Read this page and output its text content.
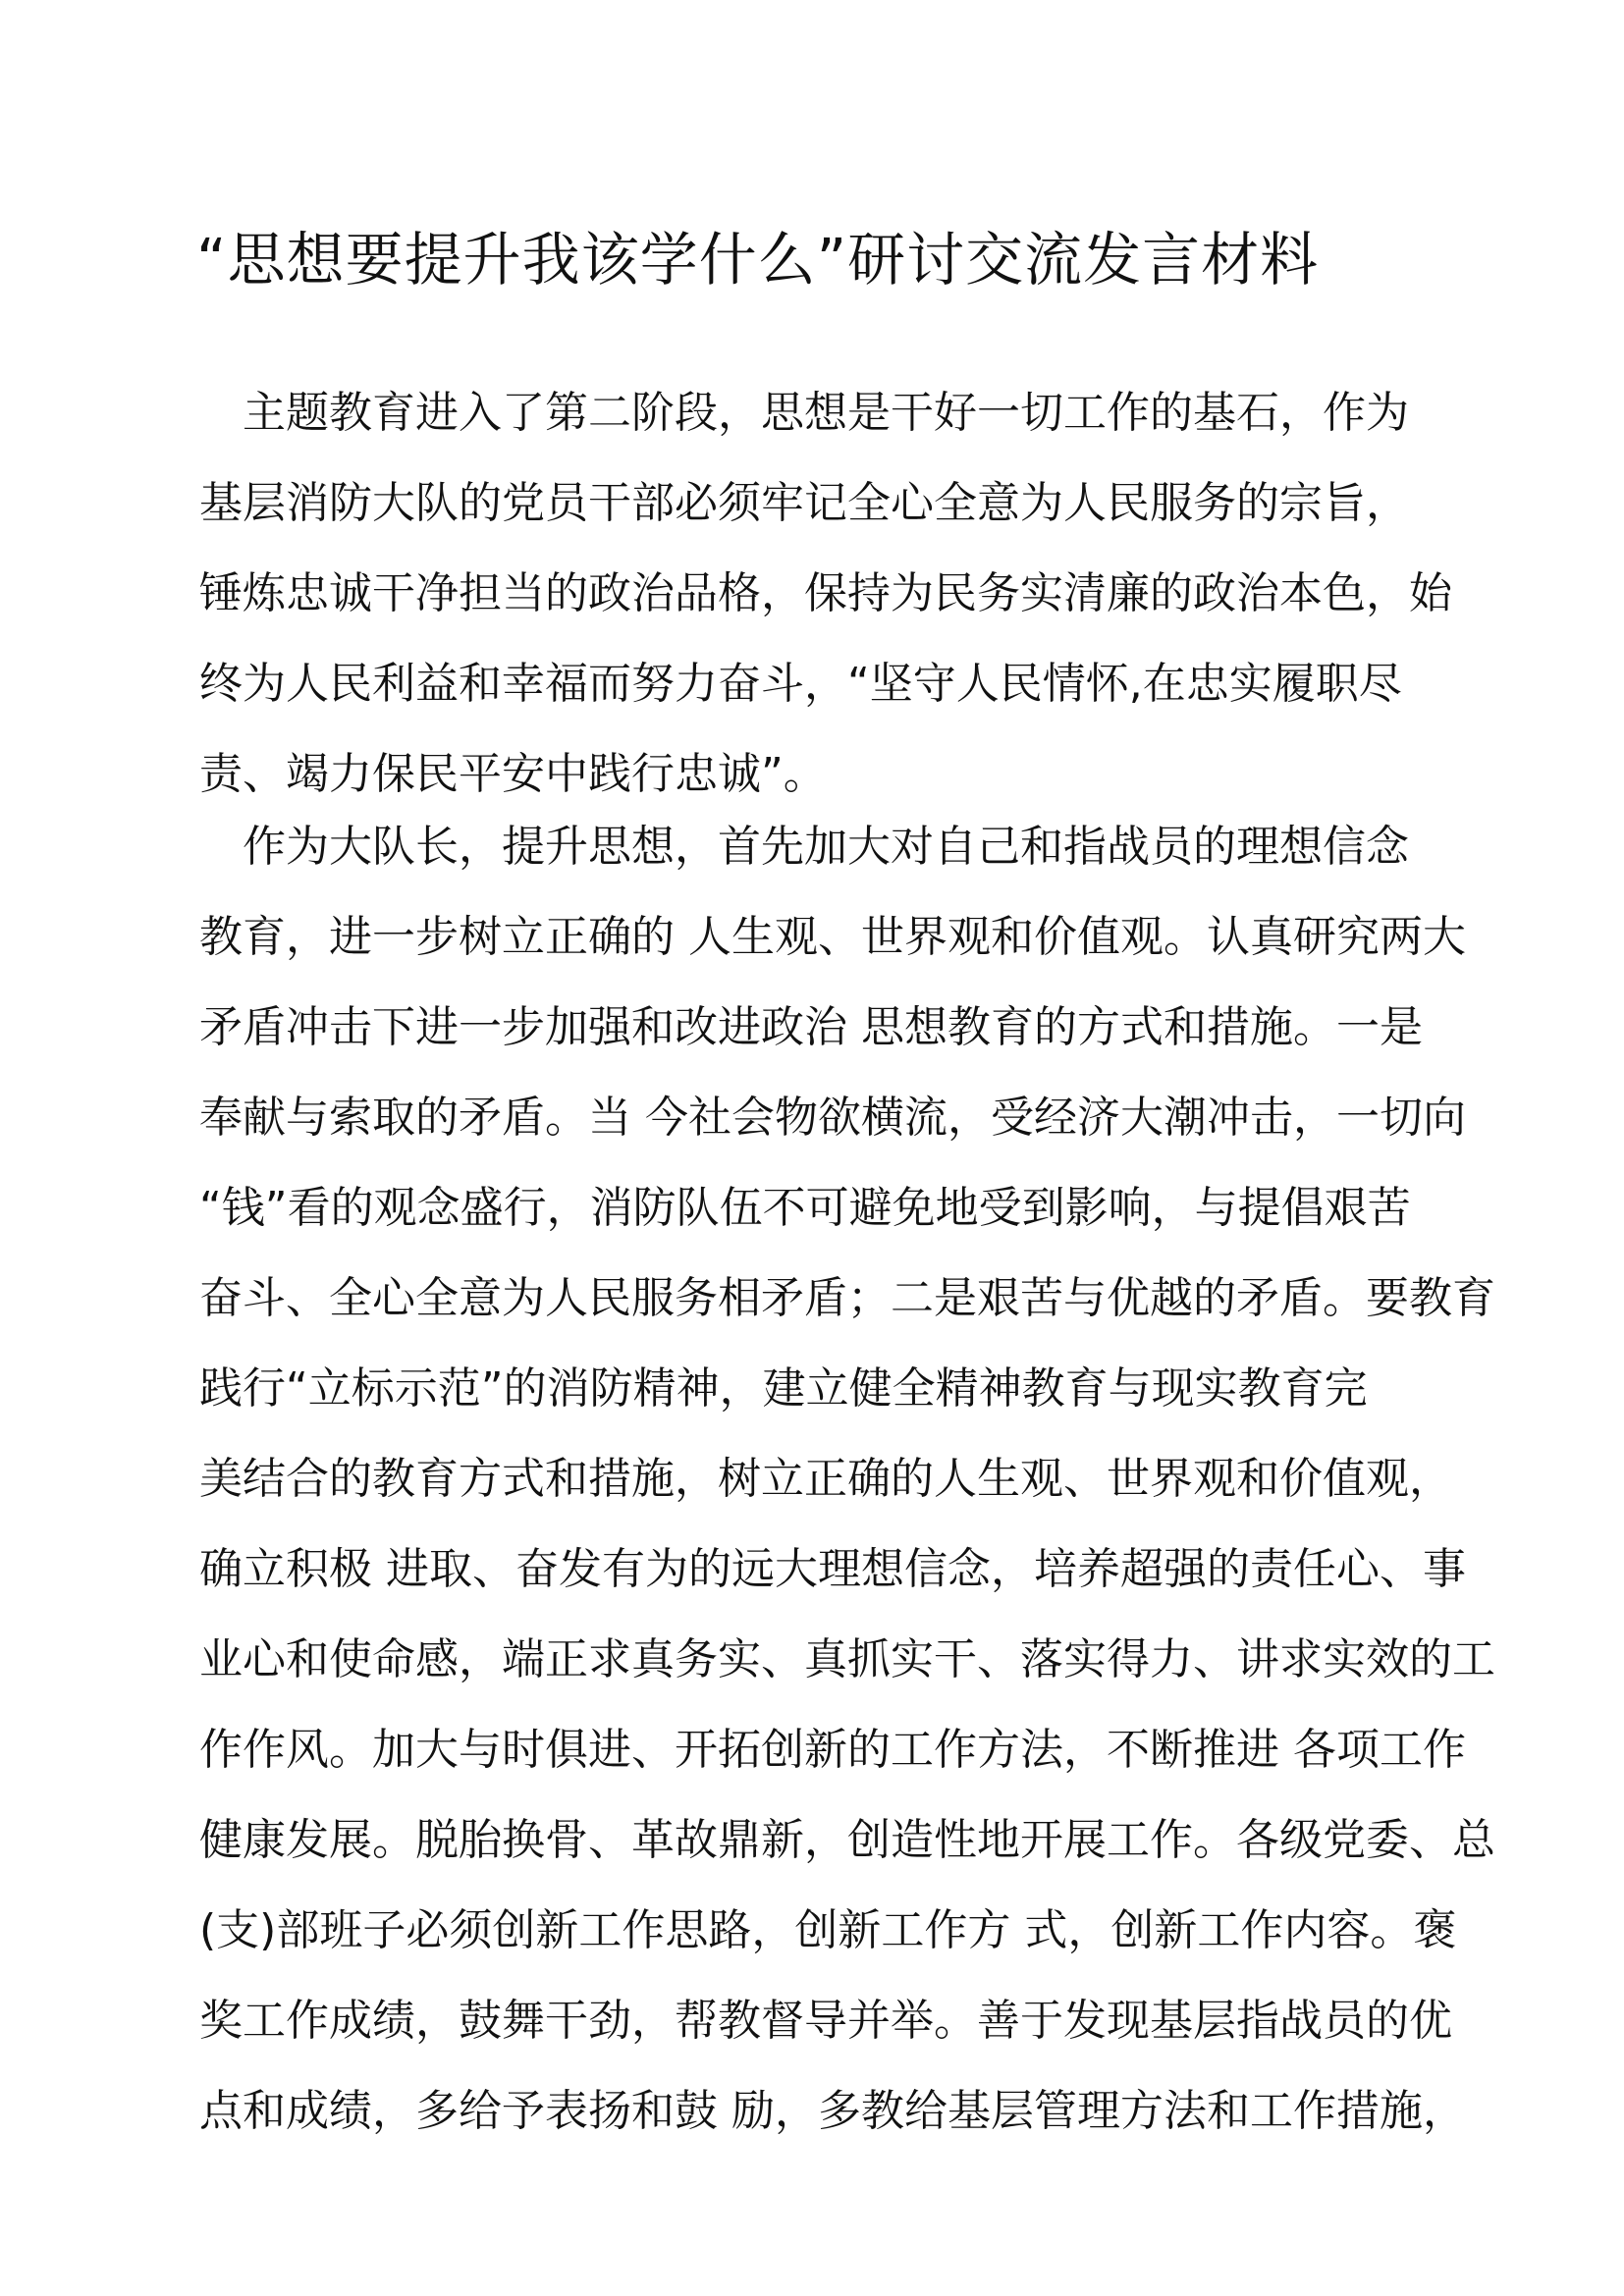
“思想要提升我该学什么”研讨交流发言材料
　主题教育进入了第二阶段，思想是干好一切工作的基石，作为
基层消防大队的党员干部必须牢记全心全意为人民服务的宗旨，
锤炼忠诚干净担当的政治品格，保持为民务实清廉的政治本色，始
终为人民利益和幸福而努力奋斗，“坚守人民情怀,在忠实履职尽
责、竭力保民平安中践行忠诚”。
　作为大队长，提升思想，首先加大对自己和指战员的理想信念
教育，进一步树立正确的 人生观、世界观和价值观。认真研究两大
矛盾冲击下进一步加强和改进政治 思想教育的方式和措施。一是
奉献与索取的矛盾。当 今社会物欲横流，受经济大潮冲击，一切向
“钱”看的观念盛行，消防队伍不可避免地受到影响，与提倡艰苦
奋斗、全心全意为人民服务相矛盾；二是艰苦与优越的矛盾。要教育
践行“立标示范”的消防精神，建立健全精神教育与现实教育完
美结合的教育方式和措施，树立正确的人生观、世界观和价值观，
确立积极 进取、奋发有为的远大理想信念，培养超强的责任心、事
业心和使命感，端正求真务实、真抓实干、落实得力、讲求实效的工
作作风。加大与时俱进、开拓创新的工作方法，不断推进 各项工作
健康发展。脱胎换骨、革故鼎新，创造性地开展工作。各级党委、总
(支)部班子必须创新工作思路，创新工作方 式，创新工作内容。褒
奖工作成绩，鼓舞干劲，帮教督导并举。善于发现基层指战员的优
点和成绩，多给予表扬和鼓 励，多教给基层管理方法和工作措施，
